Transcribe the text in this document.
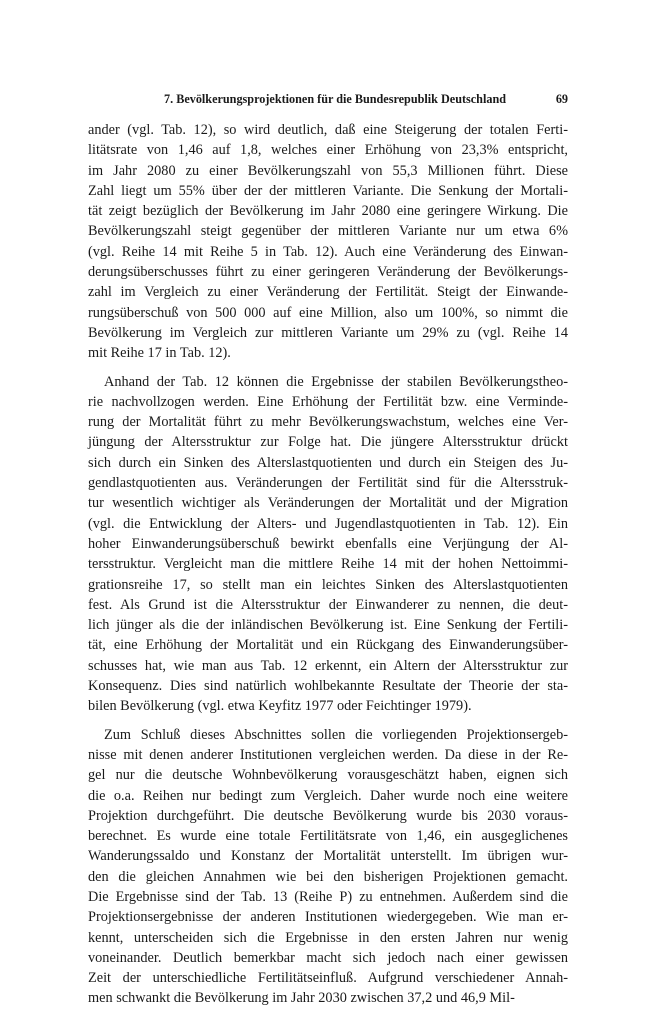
7. Bevölkerungsprojektionen für die Bundesrepublik Deutschland	69
ander (vgl. Tab. 12), so wird deutlich, daß eine Steigerung der totalen Ferti-
litätsrate von 1,46 auf 1,8, welches einer Erhöhung von 23,3% entspricht,
im Jahr 2080 zu einer Bevölkerungszahl von 55,3 Millionen führt. Diese
Zahl liegt um 55% über der der mittleren Variante. Die Senkung der Mortali-
tät zeigt bezüglich der Bevölkerung im Jahr 2080 eine geringere Wirkung. Die
Bevölkerungszahl steigt gegenüber der mittleren Variante nur um etwa 6%
(vgl. Reihe 14 mit Reihe 5 in Tab. 12). Auch eine Veränderung des Einwan-
derungsüberschusses führt zu einer geringeren Veränderung der Bevölkerungs-
zahl im Vergleich zu einer Veränderung der Fertilität. Steigt der Einwande-
rungsüberschuß von 500 000 auf eine Million, also um 100%, so nimmt die
Bevölkerung im Vergleich zur mittleren Variante um 29% zu (vgl. Reihe 14
mit Reihe 17 in Tab. 12).
Anhand der Tab. 12 können die Ergebnisse der stabilen Bevölkerungstheo-
rie nachvollzogen werden. Eine Erhöhung der Fertilität bzw. eine Verminde-
rung der Mortalität führt zu mehr Bevölkerungswachstum, welches eine Ver-
jüngung der Altersstruktur zur Folge hat. Die jüngere Altersstruktur drückt
sich durch ein Sinken des Alterslastquotienten und durch ein Steigen des Ju-
gendlastquotienten aus. Veränderungen der Fertilität sind für die Altersstruk-
tur wesentlich wichtiger als Veränderungen der Mortalität und der Migration
(vgl. die Entwicklung der Alters- und Jugendlastquotienten in Tab. 12). Ein
hoher Einwanderungsüberschuß bewirkt ebenfalls eine Verjüngung der Al-
tersstruktur. Vergleicht man die mittlere Reihe 14 mit der hohen Nettoimmi-
grationsreihe 17, so stellt man ein leichtes Sinken des Alterslastquotienten
fest. Als Grund ist die Altersstruktur der Einwanderer zu nennen, die deut-
lich jünger als die der inländischen Bevölkerung ist. Eine Senkung der Fertili-
tät, eine Erhöhung der Mortalität und ein Rückgang des Einwanderungsüber-
schusses hat, wie man aus Tab. 12 erkennt, ein Altern der Altersstruktur zur
Konsequenz. Dies sind natürlich wohlbekannte Resultate der Theorie der sta-
bilen Bevölkerung (vgl. etwa Keyfitz 1977 oder Feichtinger 1979).
Zum Schluß dieses Abschnittes sollen die vorliegenden Projektionsergeb-
nisse mit denen anderer Institutionen vergleichen werden. Da diese in der Re-
gel nur die deutsche Wohnbevölkerung vorausgeschätzt haben, eignen sich
die o.a. Reihen nur bedingt zum Vergleich. Daher wurde noch eine weitere
Projektion durchgeführt. Die deutsche Bevölkerung wurde bis 2030 voraus-
berechnet. Es wurde eine totale Fertilitätsrate von 1,46, ein ausgeglichenes
Wanderungssaldo und Konstanz der Mortalität unterstellt. Im übrigen wur-
den die gleichen Annahmen wie bei den bisherigen Projektionen gemacht.
Die Ergebnisse sind der Tab. 13 (Reihe P) zu entnehmen. Außerdem sind die
Projektionsergebnisse der anderen Institutionen wiedergegeben. Wie man er-
kennt, unterscheiden sich die Ergebnisse in den ersten Jahren nur wenig
voneinander. Deutlich bemerkbar macht sich jedoch nach einer gewissen
Zeit der unterschiedliche Fertilitätseinfluß. Aufgrund verschiedener Annah-
men schwankt die Bevölkerung im Jahr 2030 zwischen 37,2 und 46,9 Mil-
